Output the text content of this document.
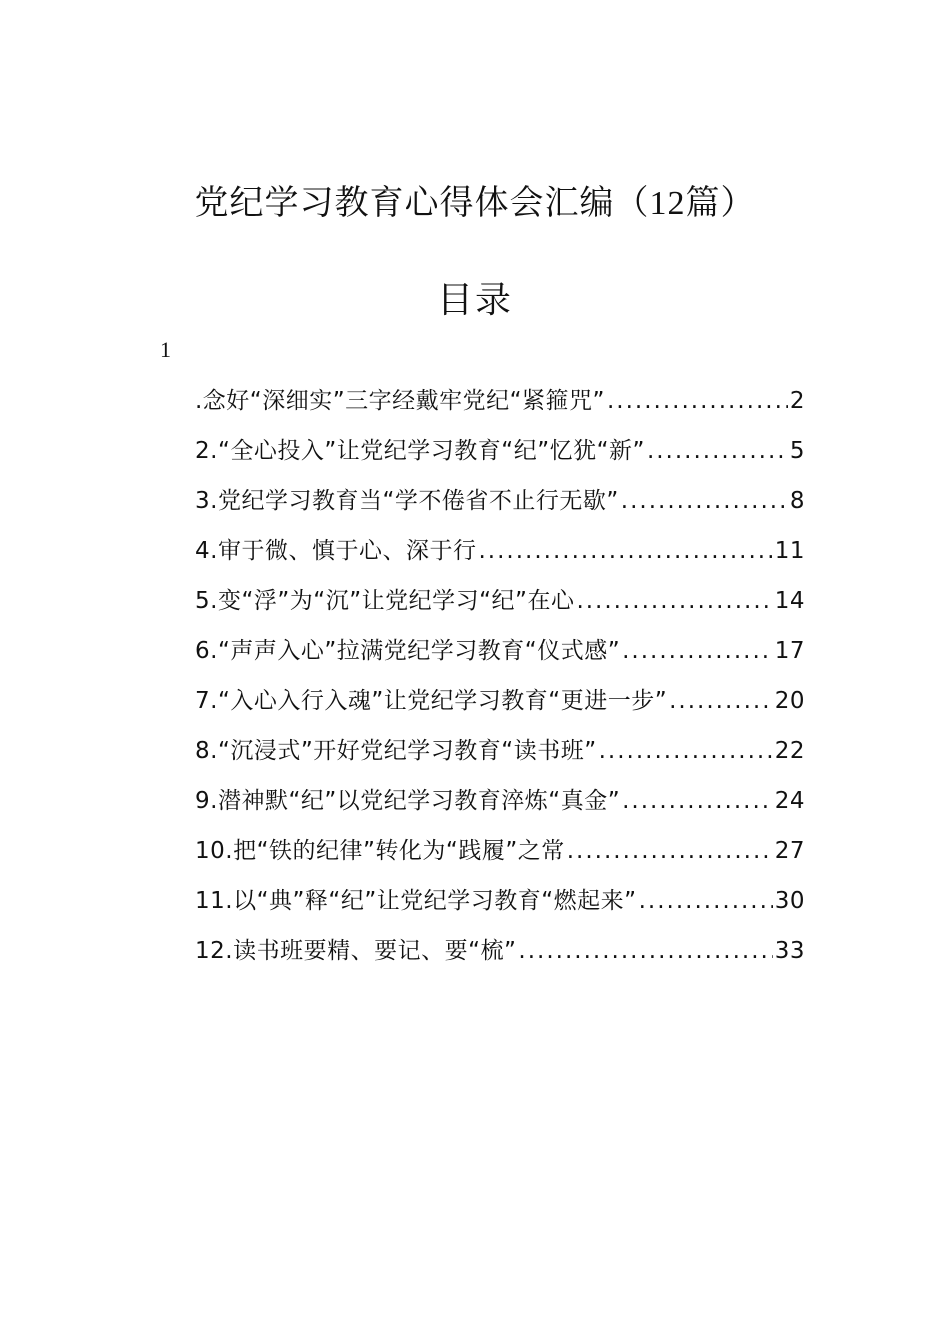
党纪学习教育心得体会汇编（12篇）
目录
1
.念好“深细实”三字经戴牢党纪“紧箍咒” .....	2
2.“全心投入”让党纪学习教育“纪”忆犹“新” .....	5
3.党纪学习教育当“学不倦省不止行无歇” .....	8
4.审于微、慎于心、深于行 .....	11
5.变“浮”为“沉”让党纪学习“纪”在心 .....	14
6.“声声入心”拉满党纪学习教育“仪式感” .....	17
7.“入心入行入魂”让党纪学习教育“更进一步” .....	20
8.“沉浸式”开好党纪学习教育“读书班” .....	22
9.潜神默“纪”以党纪学习教育淬炼“真金” .....	24
10.把“铁的纪律”转化为“践履”之常 .....	27
11.以“典”释“纪”让党纪学习教育“燃起来” .....	30
12.读书班要精、要记、要“梳” .....	33
